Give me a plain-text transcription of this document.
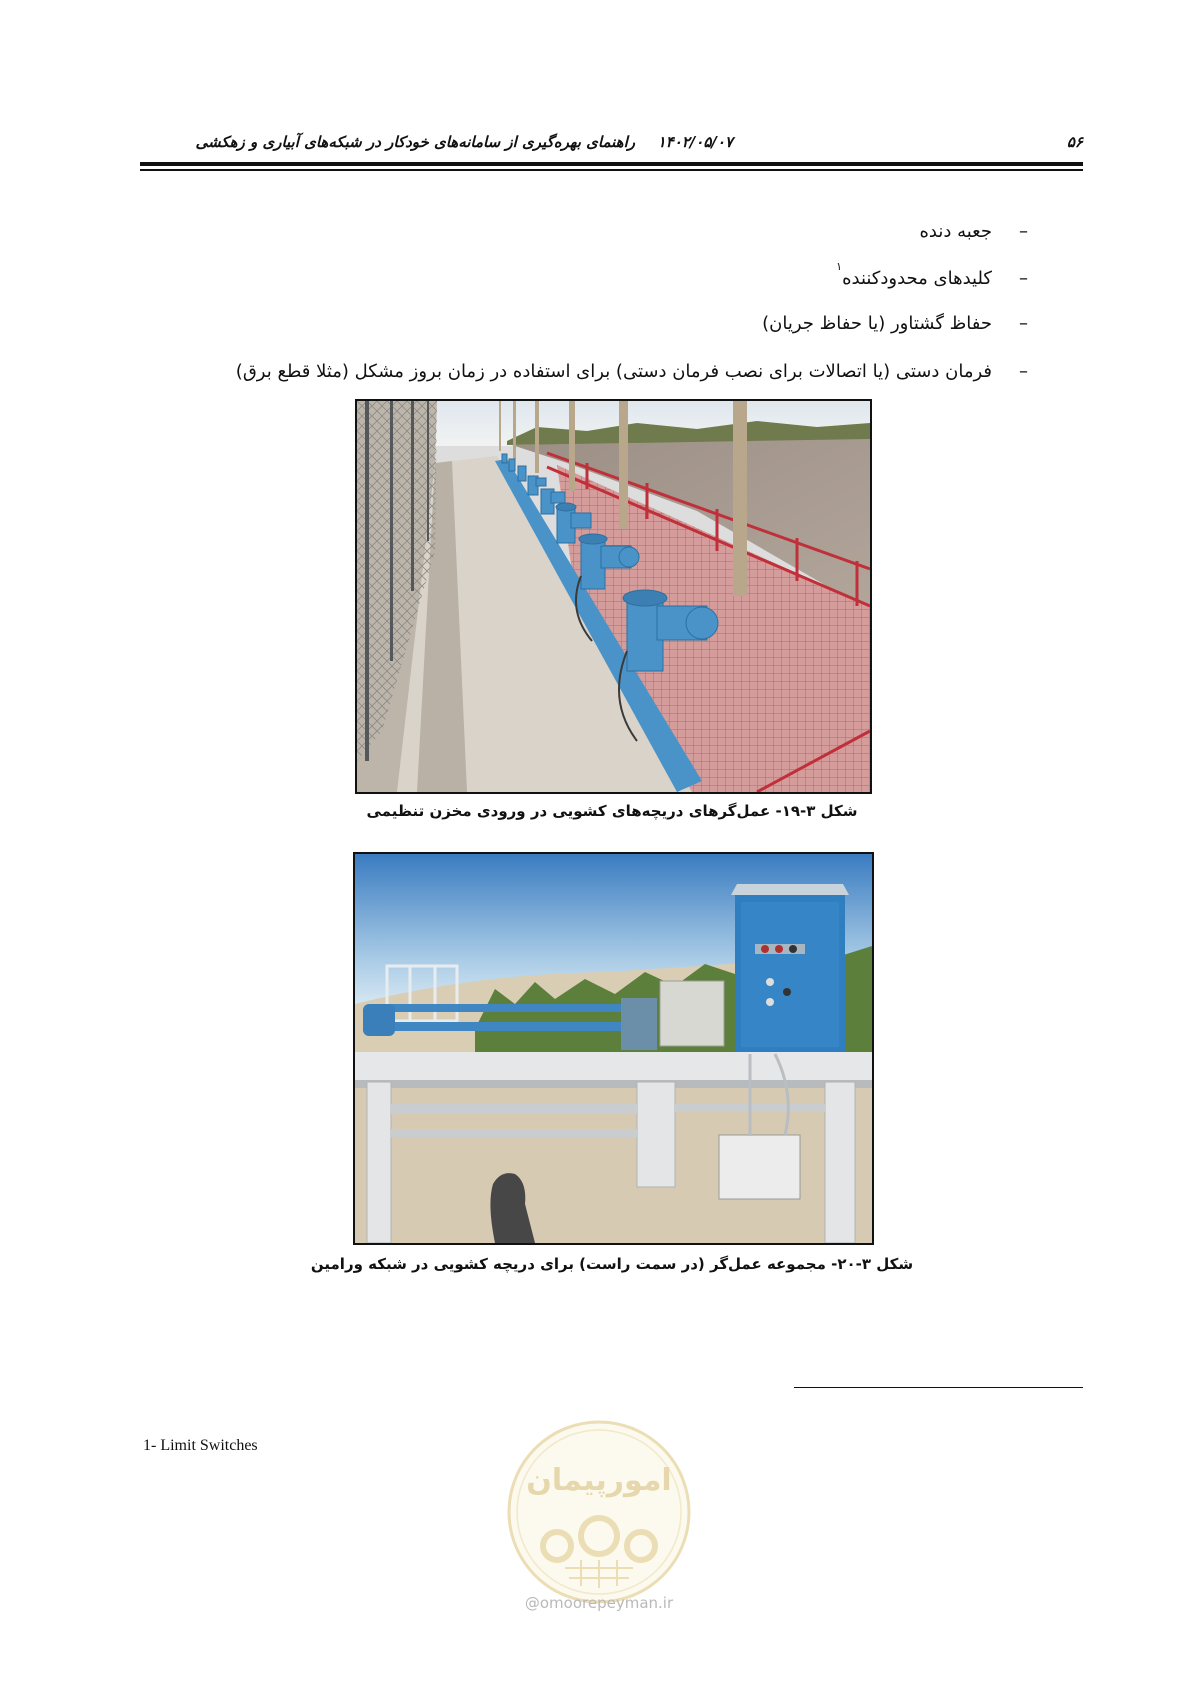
۵۶
۱۴۰۲/۰۵/۰۷
راهنمای بهره‌گیری از سامانه‌های خودکار در شبکه‌های آبیاری و زهکشی
–
جعبه دنده
–
کلیدهای محدودکننده
۱
–
حفاظ گشتاور (یا حفاظ جریان)
–
فرمان دستی (یا اتصالات برای نصب فرمان دستی) برای استفاده در زمان بروز مشکل (مثلا قطع برق)
شکل ۳-۱۹- عمل‌گرهای دریچه‌های کشویی در ورودی مخزن تنظیمی
شکل ۳-۲۰- مجموعه عمل‌گر (در سمت راست) برای دریچه کشویی در شبکه ورامین
1- Limit Switches
امورپیمان
@omoorepeyman.ir
